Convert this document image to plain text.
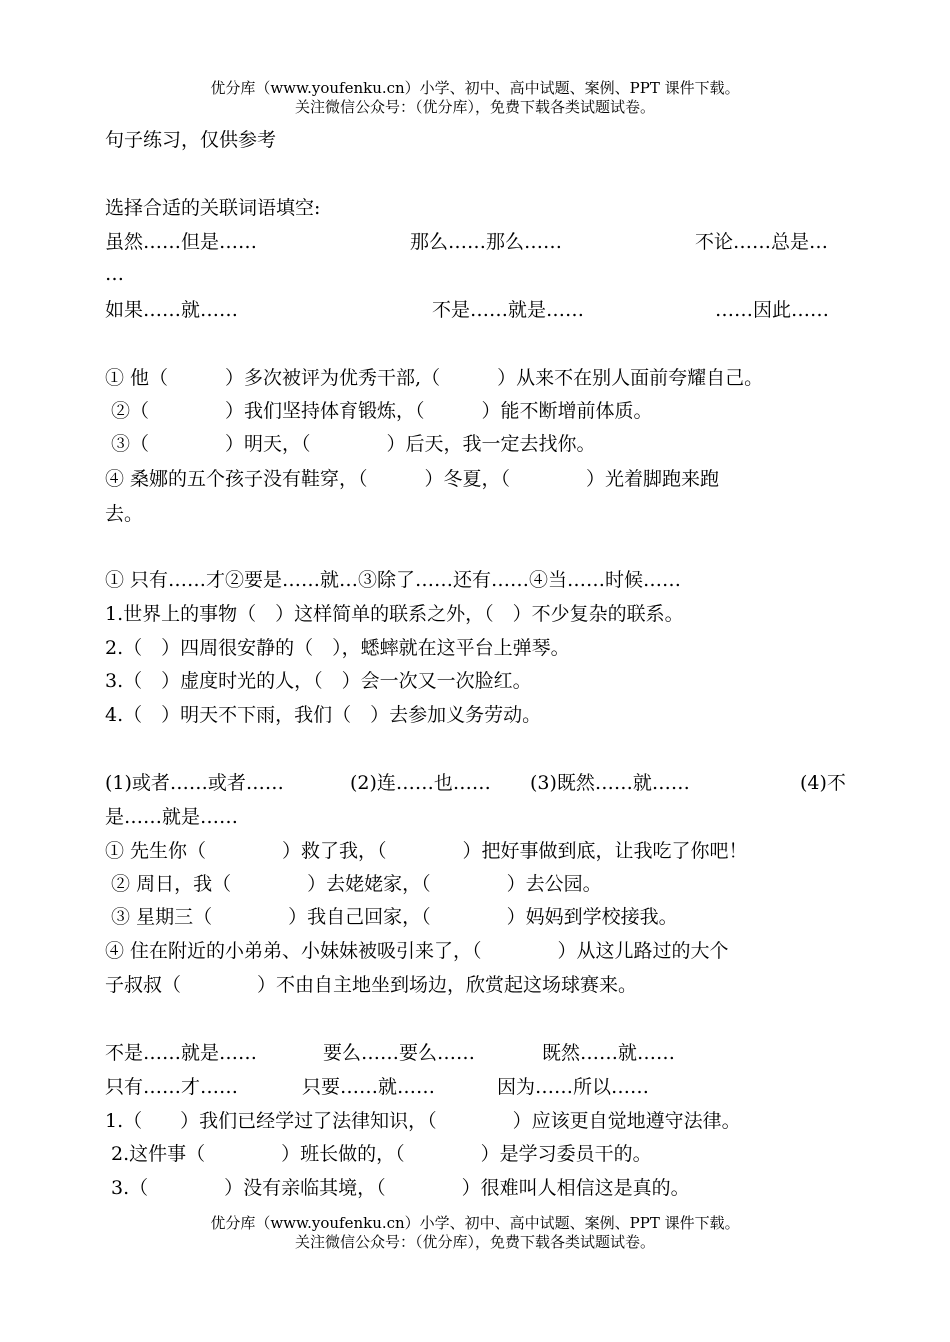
优分库（www.youfenku.cn）小学、初中、高中试题、案例、PPT 课件下载。
关注微信公众号：（优分库），免费下载各类试题试卷。
句子练习，仅供参考
选择合适的关联词语填空:

虽然……但是……

	那么……那么……

	不论……总是…

…

如果……就……

	不是……就是……

	……因此……

① 他（　　　）多次被评为优秀干部,（　　　）从来不在别人面前夸耀自己。
②（　　　　）我们坚持体育锻炼，（　　　）能不断增前体质。
③（　　　　）明天，（　　　　）后天，我一定去找你。
④ 桑娜的五个孩子没有鞋穿，（　　　）冬夏，（　　　　）光着脚跑来跑
去。
① 只有……才②要是……就…③除了……还有……④当……时候……
1.世界上的事物（　）这样简单的联系之外，（　）不少复杂的联系。
2.（　）四周很安静的（　），蟋蟀就在这平台上弹琴。
3.（　）虚度时光的人，（　）会一次又一次脸红。
4.（　）明天不下雨，我们（　）去参加义务劳动。

(1)或者……或者……

	(2)连……也……

(3)既然……就……

	(4)不

是……就是……
① 先生你（　　　　）救了我，（　　　　）把好事做到底，让我吃了你吧！
② 周日，我（　　　　）去姥姥家，（　　　　）去公园。
③ 星期三（　　　　）我自己回家，（　　　　）妈妈到学校接我。
④ 住在附近的小弟弟、小妹妹被吸引来了，（　　　　）从这儿路过的大个
子叔叔（　　　　）不由自主地坐到场边，欣赏起这场球赛来。

不是……就是……

	要么……要么……

	既然……就……

只有……才……

	只要……就……

	因为……所以……

1.（　　）我们已经学过了法律知识，（　　　　）应该更自觉地遵守法律。
2.这件事（　　　　）班长做的，（　　　　）是学习委员干的。
3.（　　　　）没有亲临其境，（　　　　）很难叫人相信这是真的。
优分库（www.youfenku.cn）小学、初中、高中试题、案例、PPT 课件下载。
关注微信公众号：（优分库），免费下载各类试题试卷。
